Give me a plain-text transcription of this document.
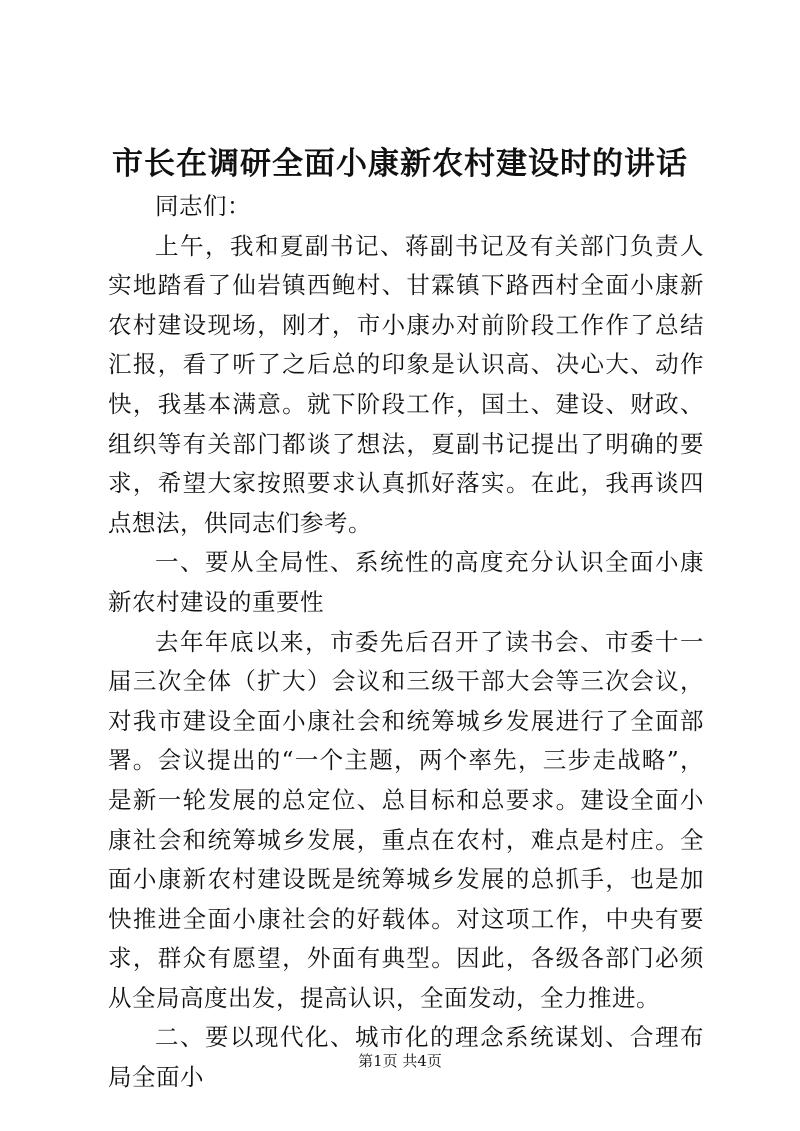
市长在调研全面小康新农村建设时的讲话

同志们：

上午，我和夏副书记、蒋副书记及有关部门负责人实地踏看了仙岩镇西鲍村、甘霖镇下路西村全面小康新农村建设现场，刚才，市小康办对前阶段工作作了总结汇报，看了听了之后总的印象是认识高、决心大、动作快，我基本满意。就下阶段工作，国土、建设、财政、组织等有关部门都谈了想法，夏副书记提出了明确的要求，希望大家按照要求认真抓好落实。在此，我再谈四点想法，供同志们参考。

一、要从全局性、系统性的高度充分认识全面小康新农村建设的重要性

去年年底以来，市委先后召开了读书会、市委十一届三次全体（扩大）会议和三级干部大会等三次会议，对我市建设全面小康社会和统筹城乡发展进行了全面部署。会议提出的“一个主题，两个率先，三步走战略”，是新一轮发展的总定位、总目标和总要求。建设全面小康社会和统筹城乡发展，重点在农村，难点是村庄。全面小康新农村建设既是统筹城乡发展的总抓手，也是加快推进全面小康社会的好载体。对这项工作，中央有要求，群众有愿望，外面有典型。因此，各级各部门必须从全局高度出发，提高认识，全面发动，全力推进。

二、要以现代化、城市化的理念系统谋划、合理布局全面小

第1页 共4页
